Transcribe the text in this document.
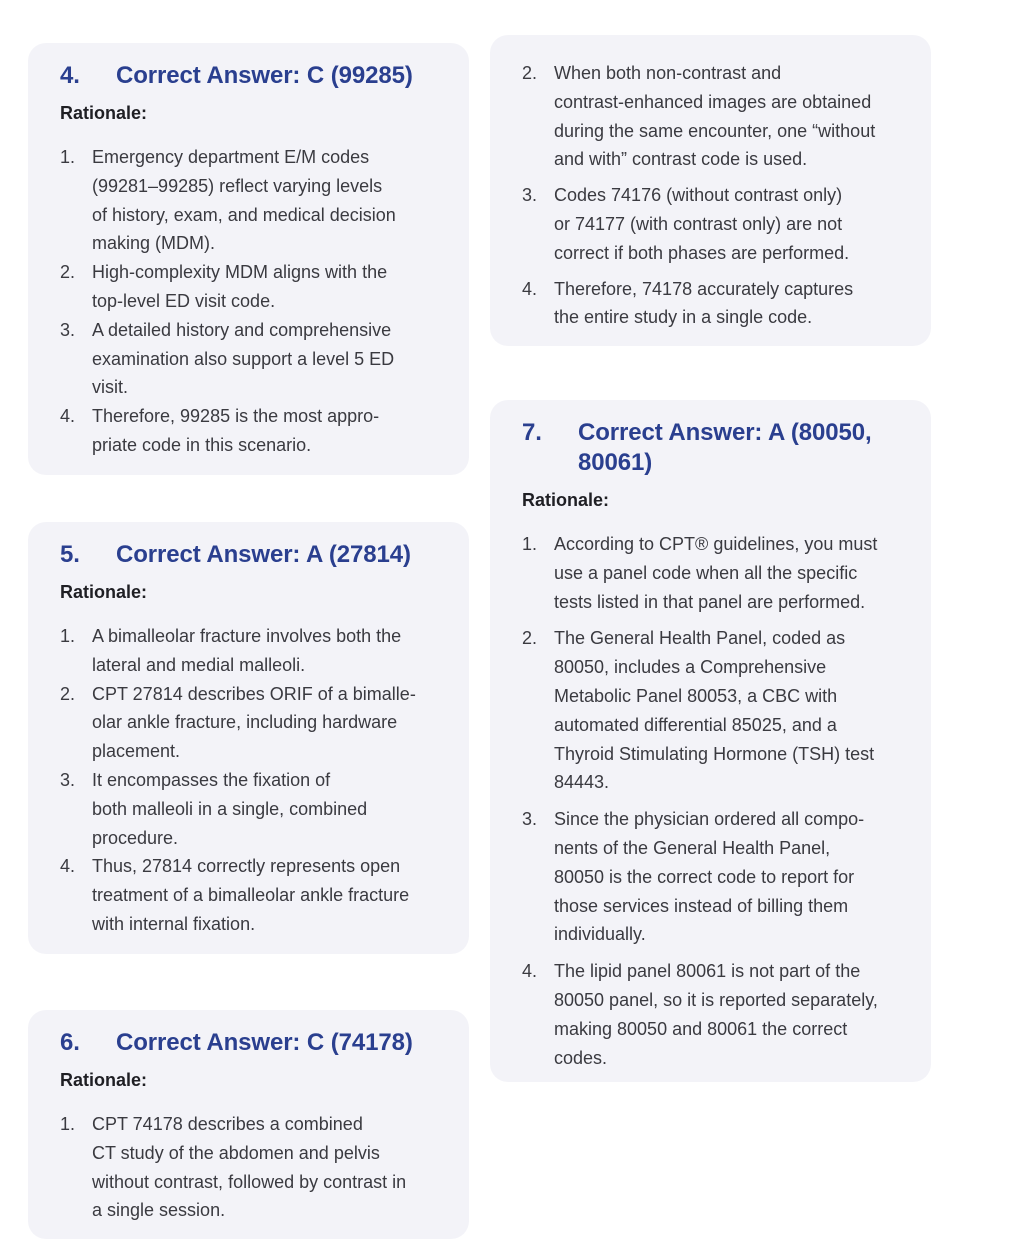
4.	Correct Answer: C (99285)
Rationale:
1. Emergency department E/M codes
(99281–99285) reflect varying levels
of history, exam, and medical decision
making (MDM).
2. High-complexity MDM aligns with the
top-level ED visit code.
3. A detailed history and comprehensive
examination also support a level 5 ED
visit.
4. Therefore, 99285 is the most appro-
priate code in this scenario.
5.	Correct Answer: A (27814)
Rationale:
1. A bimalleolar fracture involves both the
lateral and medial malleoli.
2. CPT 27814 describes ORIF of a bimalle-
olar ankle fracture, including hardware
placement.
3. It encompasses the fixation of
both malleoli in a single, combined
procedure.
4. Thus, 27814 correctly represents open
treatment of a bimalleolar ankle fracture
with internal fixation.
6.	Correct Answer: C (74178)
Rationale:
1. CPT 74178 describes a combined
CT study of the abdomen and pelvis
without contrast, followed by contrast in
a single session.
2. When both non-contrast and
contrast-enhanced images are obtained
during the same encounter, one “without
and with” contrast code is used.
3. Codes 74176 (without contrast only)
or 74177 (with contrast only) are not
correct if both phases are performed.
4. Therefore, 74178 accurately captures
the entire study in a single code.
7.	Correct Answer: A (80050,
80061)
Rationale:
1. According to CPT® guidelines, you must
use a panel code when all the specific
tests listed in that panel are performed.
2. The General Health Panel, coded as
80050, includes a Comprehensive
Metabolic Panel 80053, a CBC with
automated differential 85025, and a
Thyroid Stimulating Hormone (TSH) test
84443.
3. Since the physician ordered all compo-
nents of the General Health Panel,
80050 is the correct code to report for
those services instead of billing them
individually.
4. The lipid panel 80061 is not part of the
80050 panel, so it is reported separately,
making 80050 and 80061 the correct
codes.
